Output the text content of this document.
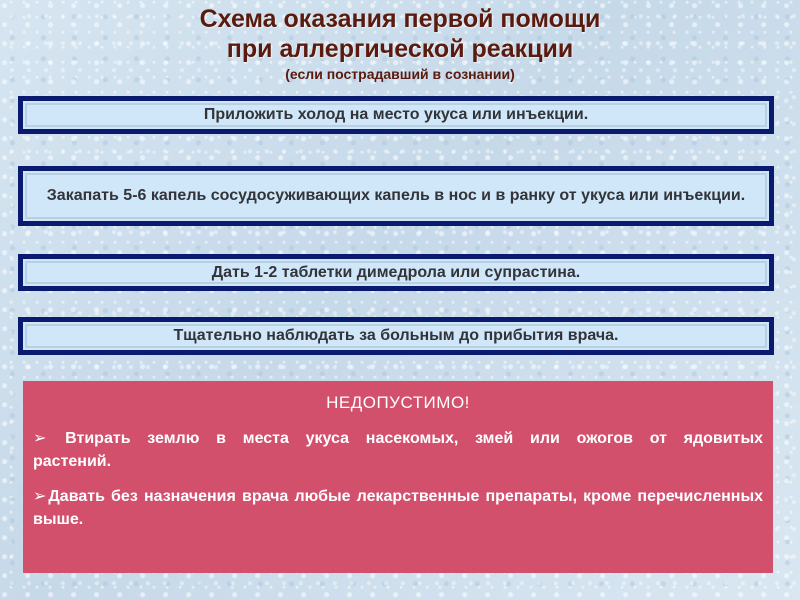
Схема оказания первой помощи
при аллергической реакции
(если пострадавший в сознании)
Приложить холод на место укуса или инъекции.
Закапать 5-6 капель сосудосуживающих капель в нос и в ранку от укуса или инъекции.
Дать 1-2 таблетки димедрола или супрастина.
Тщательно наблюдать за больным до прибытия врача.
НЕДОПУСТИМО!
➢ Втирать землю в места укуса насекомых, змей или ожогов от ядовитых растений.
➢ Давать без назначения врача любые лекарственные препараты, кроме перечисленных выше.
